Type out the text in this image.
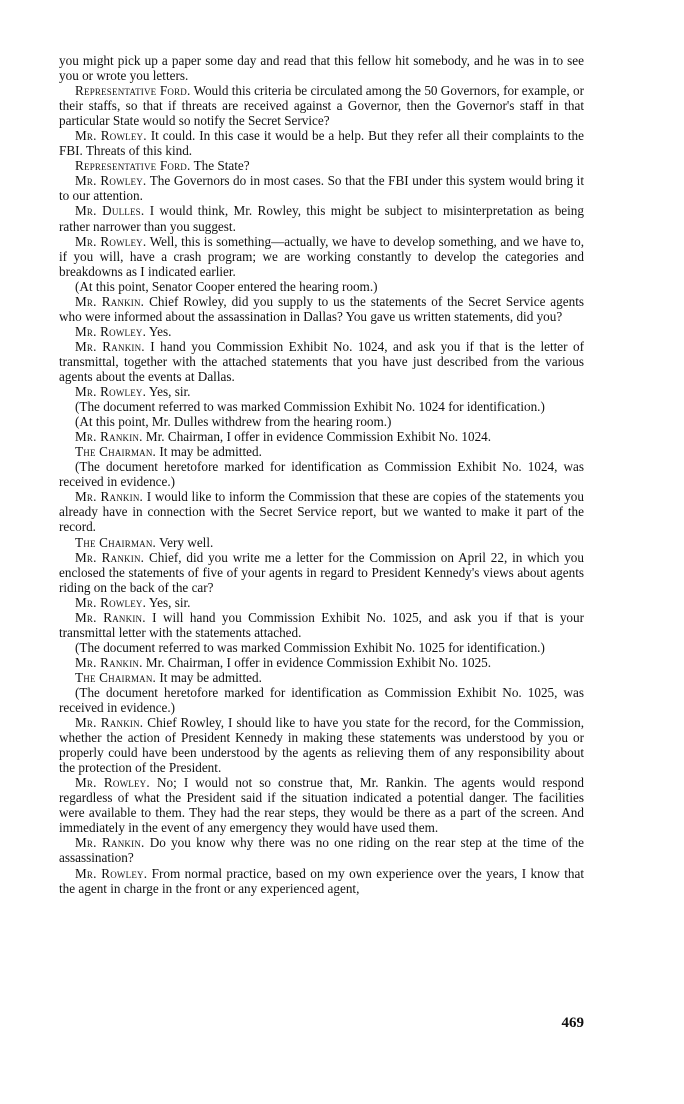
you might pick up a paper some day and read that this fellow hit somebody, and he was in to see you or wrote you letters.

Representative Ford. Would this criteria be circulated among the 50 Governors, for example, or their staffs, so that if threats are received against a Governor, then the Governor's staff in that particular State would so notify the Secret Service?

Mr. Rowley. It could. In this case it would be a help. But they refer all their complaints to the FBI. Threats of this kind.

Representative Ford. The State?

Mr. Rowley. The Governors do in most cases. So that the FBI under this system would bring it to our attention.

Mr. Dulles. I would think, Mr. Rowley, this might be subject to misinterpretation as being rather narrower than you suggest.

Mr. Rowley. Well, this is something—actually, we have to develop something, and we have to, if you will, have a crash program; we are working constantly to develop the categories and breakdowns as I indicated earlier.

(At this point, Senator Cooper entered the hearing room.)

Mr. Rankin. Chief Rowley, did you supply to us the statements of the Secret Service agents who were informed about the assassination in Dallas? You gave us written statements, did you?

Mr. Rowley. Yes.

Mr. Rankin. I hand you Commission Exhibit No. 1024, and ask you if that is the letter of transmittal, together with the attached statements that you have just described from the various agents about the events at Dallas.

Mr. Rowley. Yes, sir.

(The document referred to was marked Commission Exhibit No. 1024 for identification.)

(At this point, Mr. Dulles withdrew from the hearing room.)

Mr. Rankin. Mr. Chairman, I offer in evidence Commission Exhibit No. 1024.

The Chairman. It may be admitted.

(The document heretofore marked for identification as Commission Exhibit No. 1024, was received in evidence.)

Mr. Rankin. I would like to inform the Commission that these are copies of the statements you already have in connection with the Secret Service report, but we wanted to make it part of the record.

The Chairman. Very well.

Mr. Rankin. Chief, did you write me a letter for the Commission on April 22, in which you enclosed the statements of five of your agents in regard to President Kennedy's views about agents riding on the back of the car?

Mr. Rowley. Yes, sir.

Mr. Rankin. I will hand you Commission Exhibit No. 1025, and ask you if that is your transmittal letter with the statements attached.

(The document referred to was marked Commission Exhibit No. 1025 for identification.)

Mr. Rankin. Mr. Chairman, I offer in evidence Commission Exhibit No. 1025.

The Chairman. It may be admitted.

(The document heretofore marked for identification as Commission Exhibit No. 1025, was received in evidence.)

Mr. Rankin. Chief Rowley, I should like to have you state for the record, for the Commission, whether the action of President Kennedy in making these statements was understood by you or properly could have been understood by the agents as relieving them of any responsibility about the protection of the President.

Mr. Rowley. No; I would not so construe that, Mr. Rankin. The agents would respond regardless of what the President said if the situation indicated a potential danger. The facilities were available to them. They had the rear steps, they would be there as a part of the screen. And immediately in the event of any emergency they would have used them.

Mr. Rankin. Do you know why there was no one riding on the rear step at the time of the assassination?

Mr. Rowley. From normal practice, based on my own experience over the years, I know that the agent in charge in the front or any experienced agent,

469
